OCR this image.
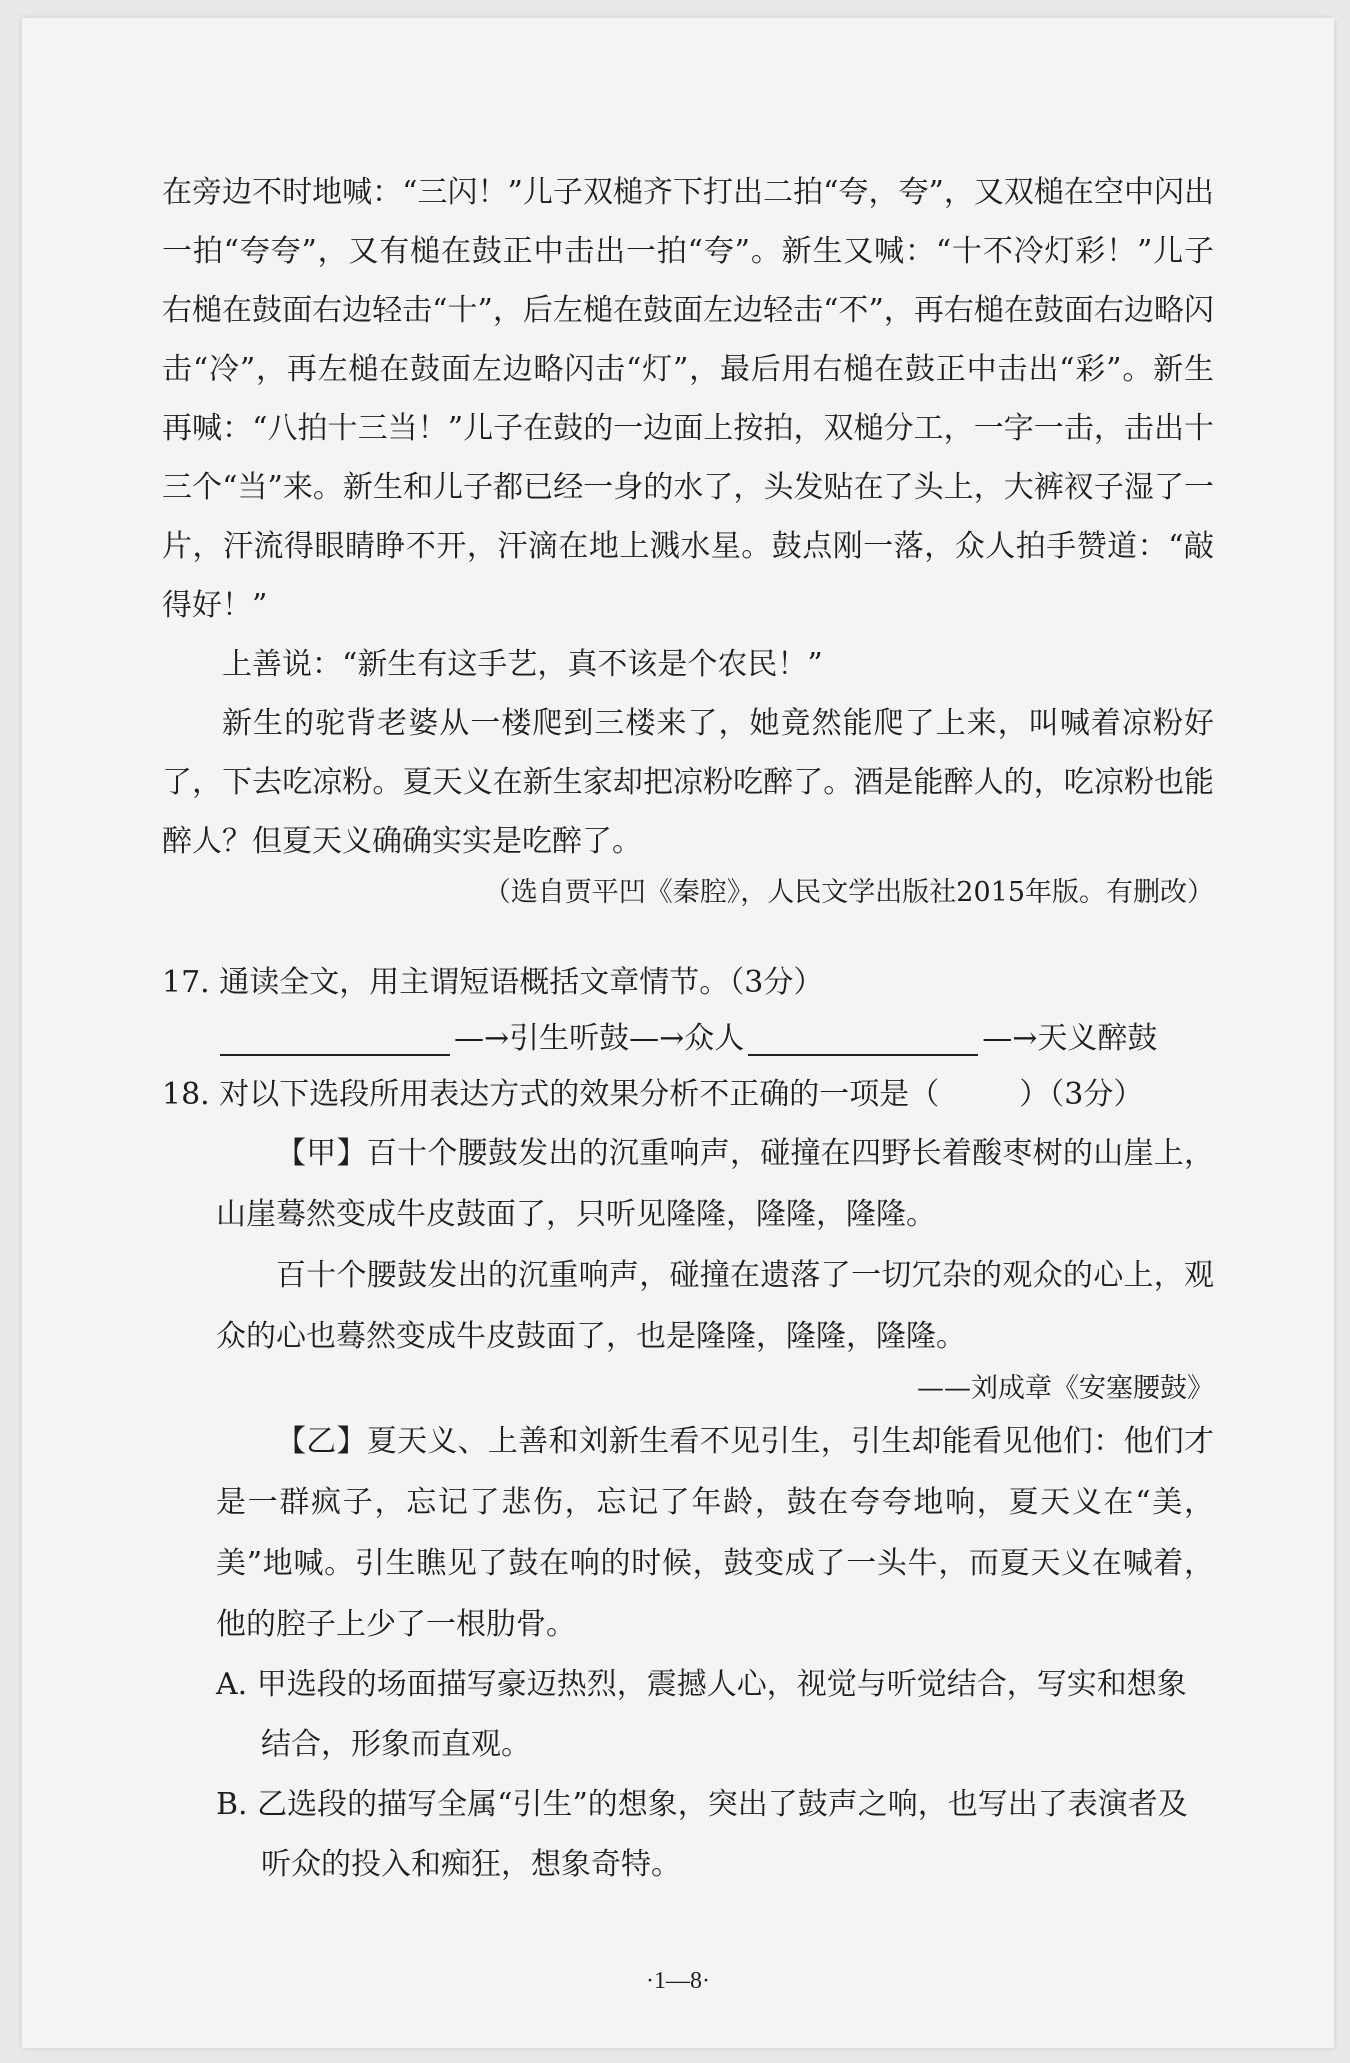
在旁边不时地喊：“三闪！”儿子双槌齐下打出二拍“夸，夸”，又双槌在空中闪出一拍“夸夸”，又有槌在鼓正中击出一拍“夸”。新生又喊：“十不冷灯彩！”儿子右槌在鼓面右边轻击“十”，后左槌在鼓面左边轻击“不”，再右槌在鼓面右边略闪击“冷”，再左槌在鼓面左边略闪击“灯”，最后用右槌在鼓正中击出“彩”。新生再喊：“八拍十三当！”儿子在鼓的一边面上按拍，双槌分工，一字一击，击出十三个“当”来。新生和儿子都已经一身的水了，头发贴在了头上，大裤衩子湿了一片，汗流得眼睛睁不开，汗滴在地上溅水星。鼓点刚一落，众人拍手赞道：“敲得好！”

上善说：“新生有这手艺，真不该是个农民！”

新生的驼背老婆从一楼爬到三楼来了，她竟然能爬了上来，叫喊着凉粉好了，下去吃凉粉。夏天义在新生家却把凉粉吃醉了。酒是能醉人的，吃凉粉也能醉人？但夏天义确确实实是吃醉了。

（选自贾平凹《秦腔》，人民文学出版社2015年版。有删改）

17. 通读全文，用主谓短语概括文章情节。（3分）

—→引生听鼓—→众人	—→天义醉鼓

18. 对以下选段所用表达方式的效果分析不正确的一项是（	）（3分）

【甲】百十个腰鼓发出的沉重响声，碰撞在四野长着酸枣树的山崖上，山崖蓦然变成牛皮鼓面了，只听见隆隆，隆隆，隆隆。

百十个腰鼓发出的沉重响声，碰撞在遗落了一切冗杂的观众的心上，观众的心也蓦然变成牛皮鼓面了，也是隆隆，隆隆，隆隆。

——刘成章《安塞腰鼓》

【乙】夏天义、上善和刘新生看不见引生，引生却能看见他们：他们才是一群疯子，忘记了悲伤，忘记了年龄，鼓在夸夸地响，夏天义在“美，美”地喊。引生瞧见了鼓在响的时候，鼓变成了一头牛，而夏天义在喊着，他的腔子上少了一根肋骨。

A. 甲选段的场面描写豪迈热烈，震撼人心，视觉与听觉结合，写实和想象结合，形象而直观。

B. 乙选段的描写全属“引生”的想象，突出了鼓声之响，也写出了表演者及听众的投入和痴狂，想象奇特。

·1—8·
